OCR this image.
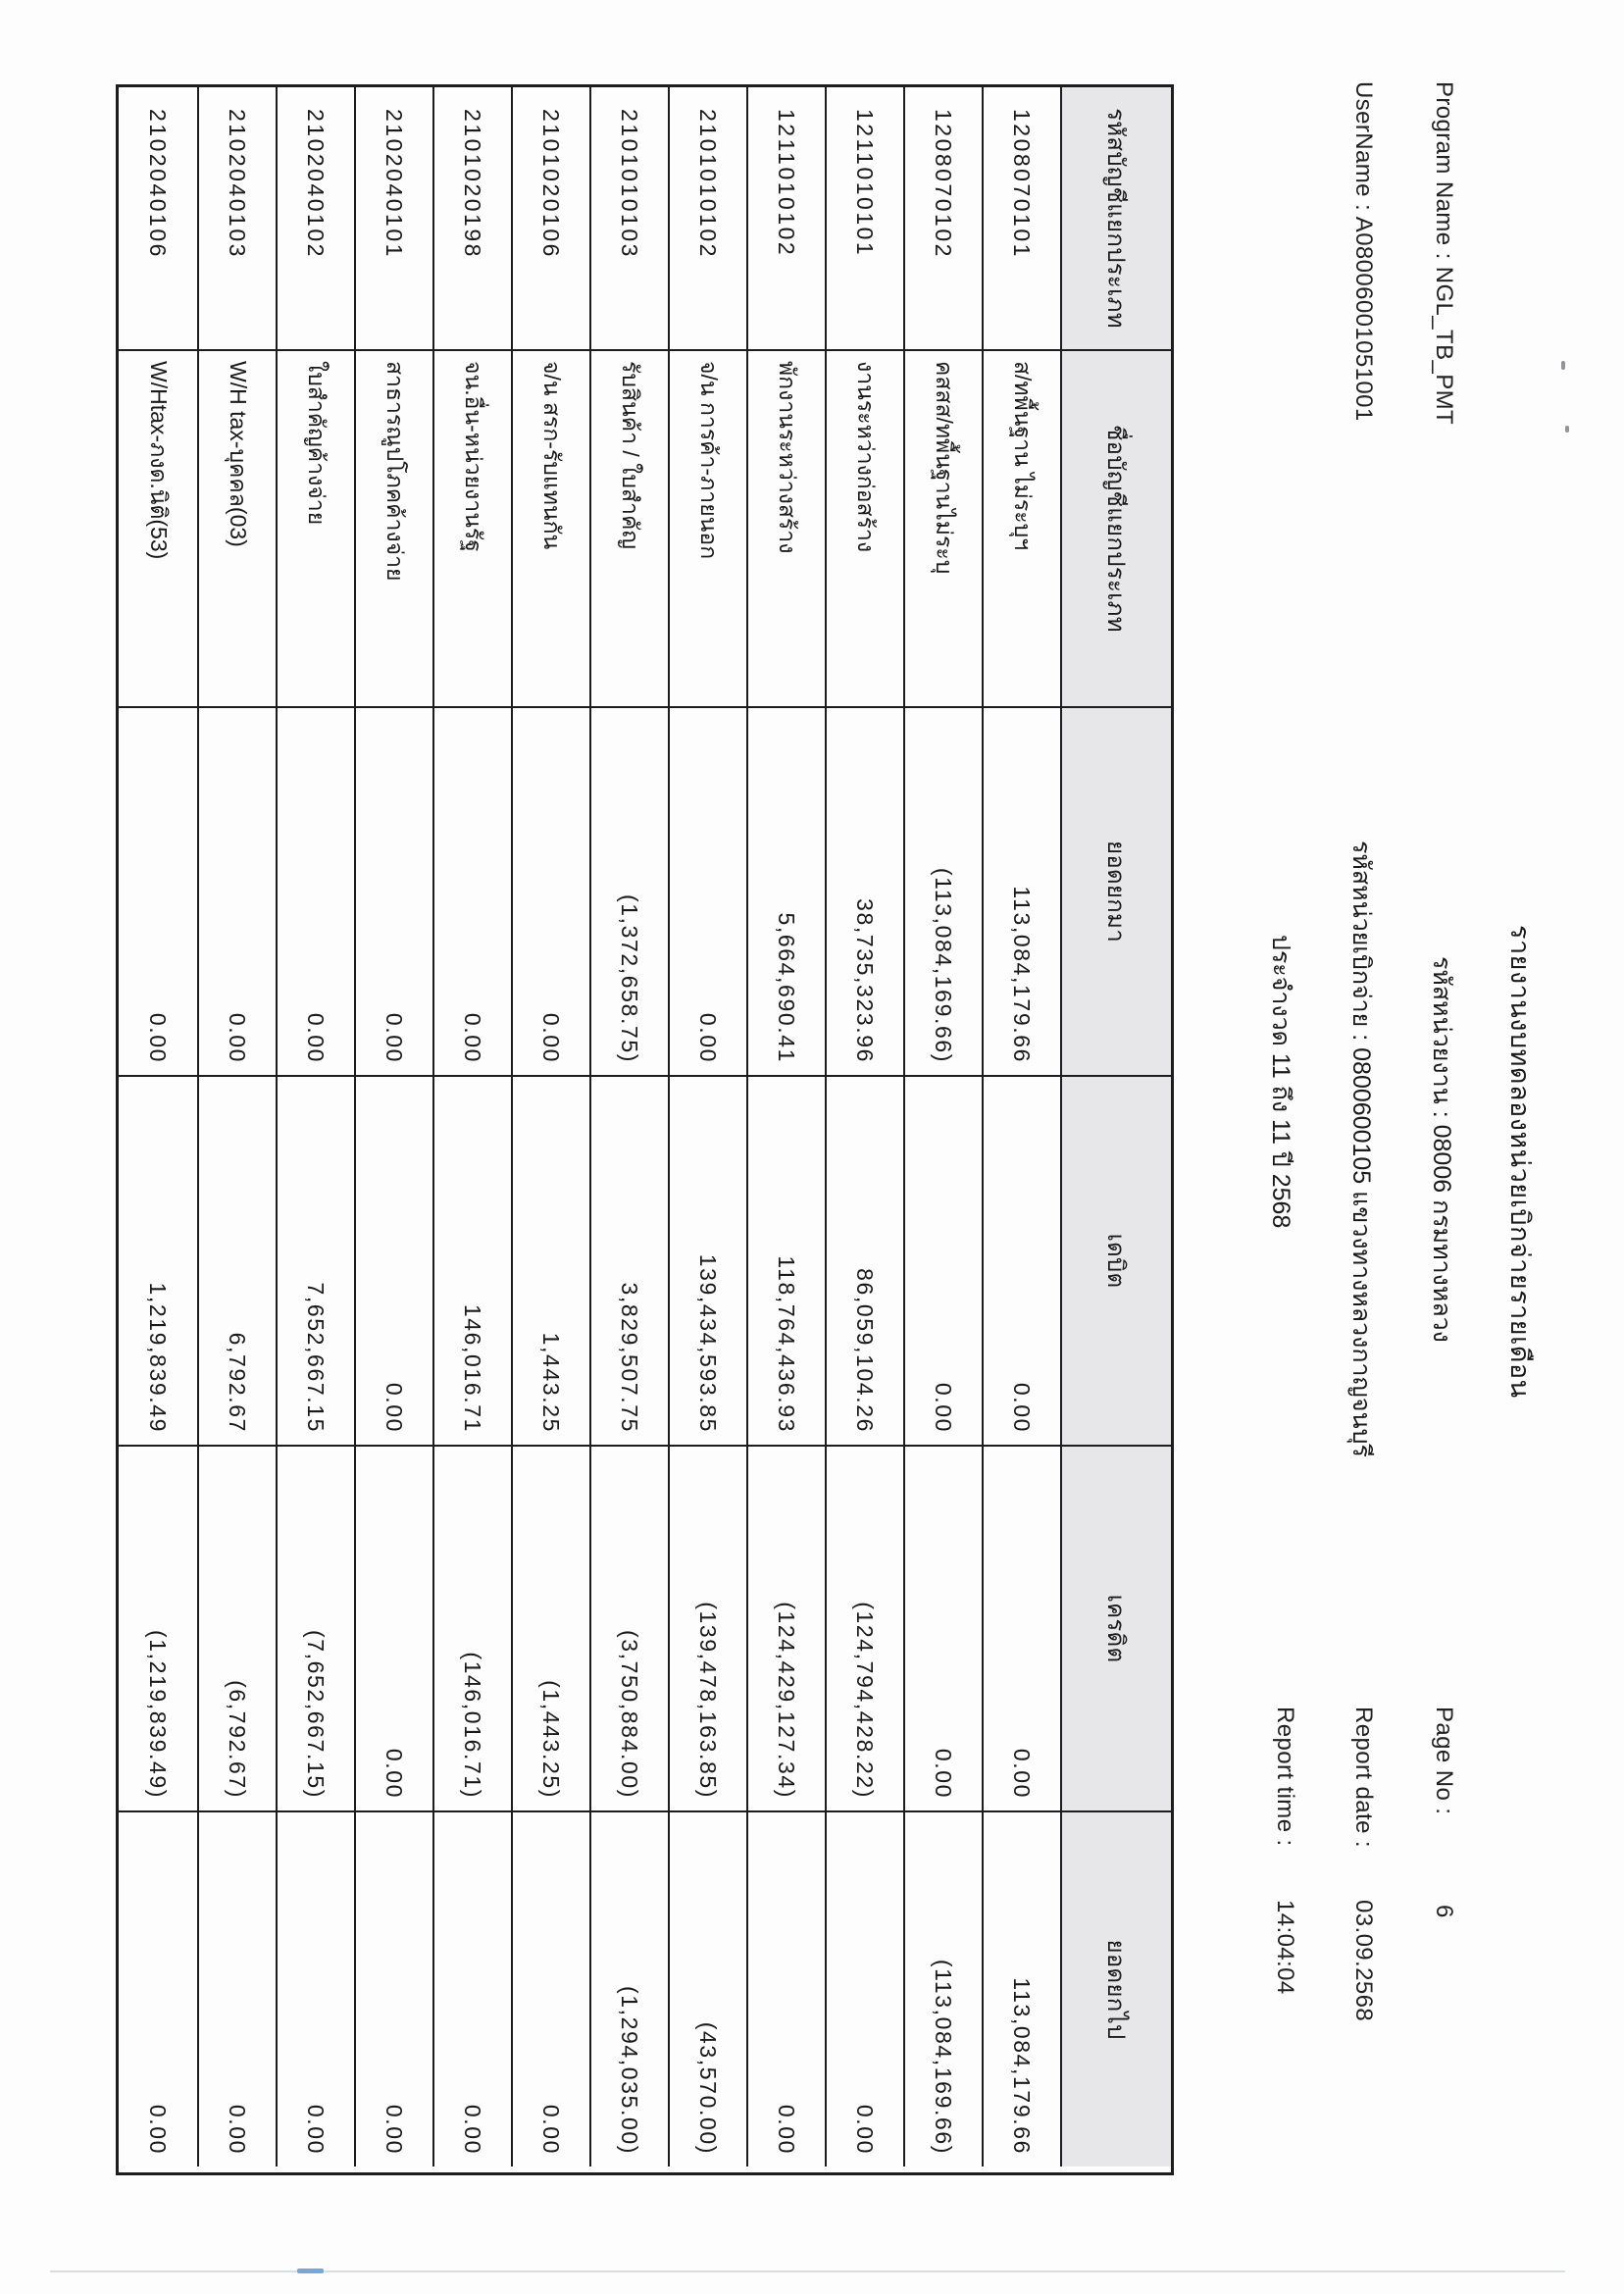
รายงานงบทดลองหน่วยเบิกจ่ายรายเดือน
Program Name : NGL_TB_PMT
รหัสหน่วยงาน : 08006 กรมทางหลวง
Page No :
6
UserName : A08006001051001
รหัสหน่วยเบิกจ่าย : 0800600105 แขวงทางหลวงกาญจนบุรี
Report date :
03.09.2568
ประจำงวด 11 ถึง 11 ปี 2568
Report time :
14:04:04
รหัสบัญชีแยกประเภท
ชื่อบัญชีแยกประเภท
ยอดยกมา
เดบิต
เครดิต
ยอดยกไป
1208070101
ส/ทพื้นฐาน ไม่ระบุฯ
113,084,179.66
0.00
0.00
113,084,179.66
1208070102
คสสส/ทพื้นฐานไม่ระบุ
(113,084,169.66)
0.00
0.00
(113,084,169.66)
1211010101
งานระหว่างก่อสร้าง
38,735,323.96
86,059,104.26
(124,794,428.22)
0.00
1211010102
พักงานระหว่างสร้าง
5,664,690.41
118,764,436.93
(124,429,127.34)
0.00
2101010102
จ/น การค้า-ภายนอก
0.00
139,434,593.85
(139,478,163.85)
(43,570.00)
2101010103
รับสินค้า / ใบสำคัญ
(1,372,658.75)
3,829,507.75
(3,750,884.00)
(1,294,035.00)
2101020106
จ/น สรก-รับแทนกัน
0.00
1,443.25
(1,443.25)
0.00
2101020198
จน.อื่น-หน่วยงานรัฐ
0.00
146,016.71
(146,016.71)
0.00
2102040101
สาธารณูปโภคค้างจ่าย
0.00
0.00
0.00
0.00
2102040102
ใบสำคัญค้างจ่าย
0.00
7,652,667.15
(7,652,667.15)
0.00
2102040103
W/H tax-บุคคล(03)
0.00
6,792.67
(6,792.67)
0.00
2102040106
W/Htax-ภงด.นิติ(53)
0.00
1,219,839.49
(1,219,839.49)
0.00
